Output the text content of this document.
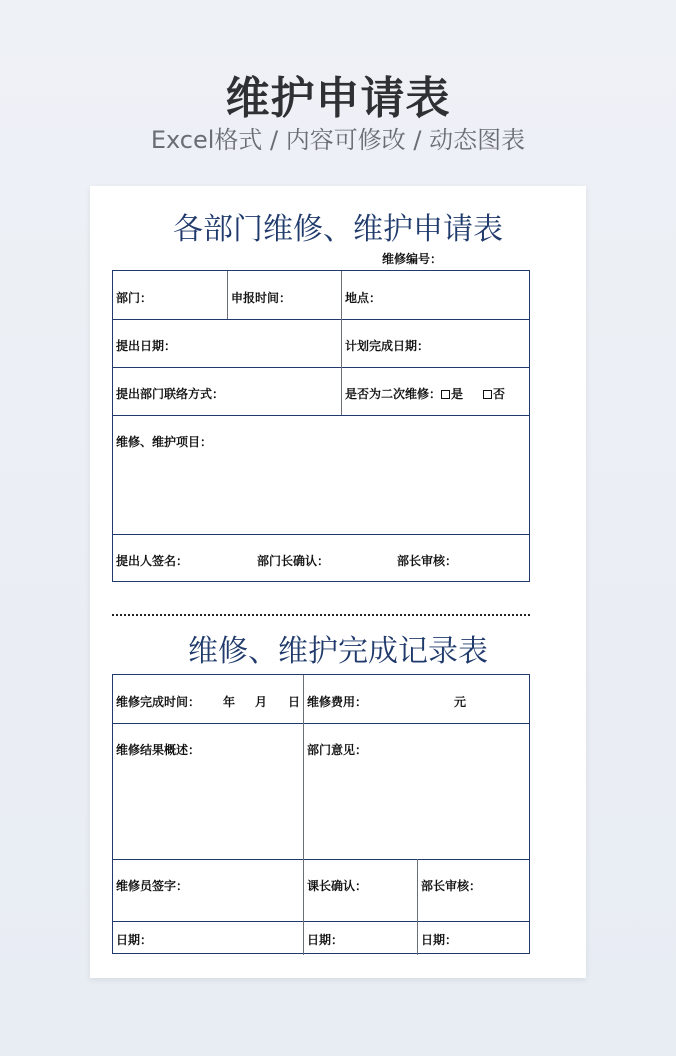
维护申请表
Excel格式 / 内容可修改 / 动态图表
各部门维修、维护申请表
维修编号：
部门：	申报时间：	地点：
提出日期：	计划完成日期：
提出部门联络方式：	是否为二次维修： 是	否
维修、维护项目：
提出人签名：	部门长确认：	部长审核：
维修、维护完成记录表
维修完成时间： 年 月 日 维修费用：	元
维修结果概述：	部门意见：
维修员签字：	课长确认：	部长审核：
日期：	日期：	日期：
